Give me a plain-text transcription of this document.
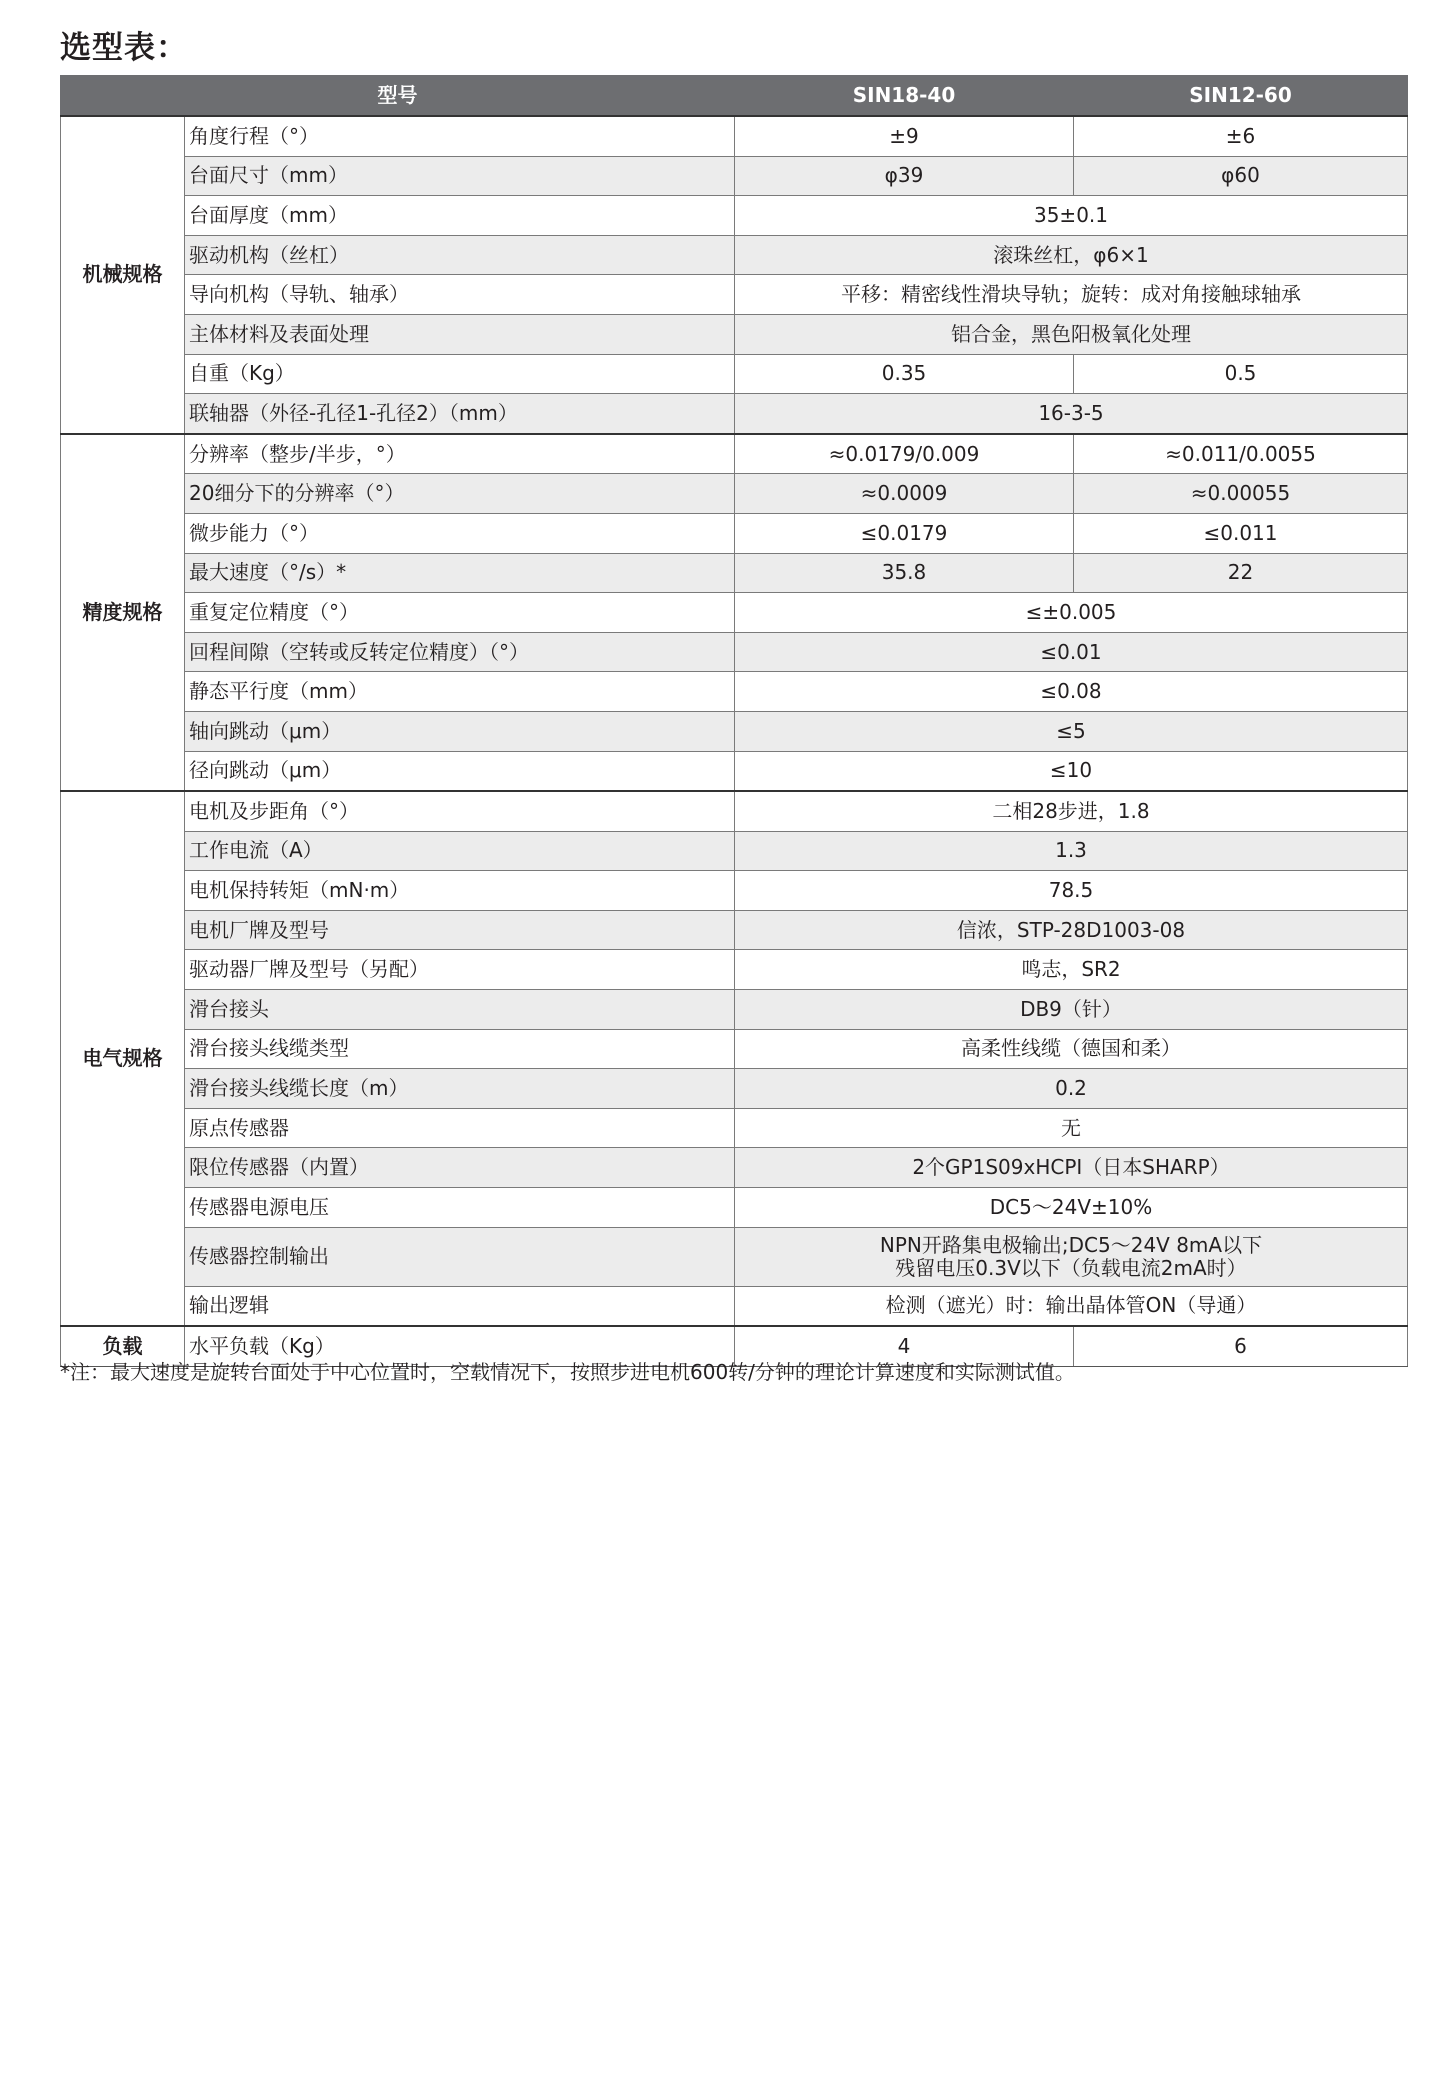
选型表：
型号		SIN18-40	SIN12-60
机械规格	角度行程（°）	±9	±6
	台面尺寸（mm）	φ39	φ60
	台面厚度（mm）	35±0.1	
	驱动机构（丝杠）	滚珠丝杠，φ6×1	
	导向机构（导轨、轴承）	平移：精密线性滑块导轨；旋转：成对角接触球轴承	
	主体材料及表面处理	铝合金，黑色阳极氧化处理	
	自重（Kg）	0.35	0.5
	联轴器（外径-孔径1-孔径2）（mm）	16-3-5	
精度规格	分辨率（整步/半步，°）	≈0.0179/0.009	≈0.011/0.0055
	20细分下的分辨率（°）	≈0.0009	≈0.00055
	微步能力（°）	≤0.0179	≤0.011
	最大速度（°/s）*	35.8	22
	重复定位精度（°）	≤±0.005	
	回程间隙（空转或反转定位精度）（°）	≤0.01	
	静态平行度（mm）	≤0.08	
	轴向跳动（μm）	≤5	
	径向跳动（μm）	≤10	
电气规格	电机及步距角（°）	二相28步进，1.8	
	工作电流（A）	1.3	
	电机保持转矩（mN·m）	78.5	
	电机厂牌及型号	信浓，STP-28D1003-08	
	驱动器厂牌及型号（另配）	鸣志，SR2	
	滑台接头	DB9（针）	
	滑台接头线缆类型	高柔性线缆（德国和柔）	
	滑台接头线缆长度（m）	0.2	
	原点传感器	无	
	限位传感器（内置）	2个GP1S09xHCPI（日本SHARP）	
	传感器电源电压	DC5～24V±10%	
	传感器控制输出	NPN开路集电极输出;DC5～24V 8mA以下
残留电压0.3V以下（负载电流2mA时）	

	输出逻辑	检测（遮光）时：输出晶体管ON（导通）	
负载	水平负载（Kg）	4	6

*注：最大速度是旋转台面处于中心位置时，空载情况下，按照步进电机600转/分钟的理论计算速度和实际测试值。
